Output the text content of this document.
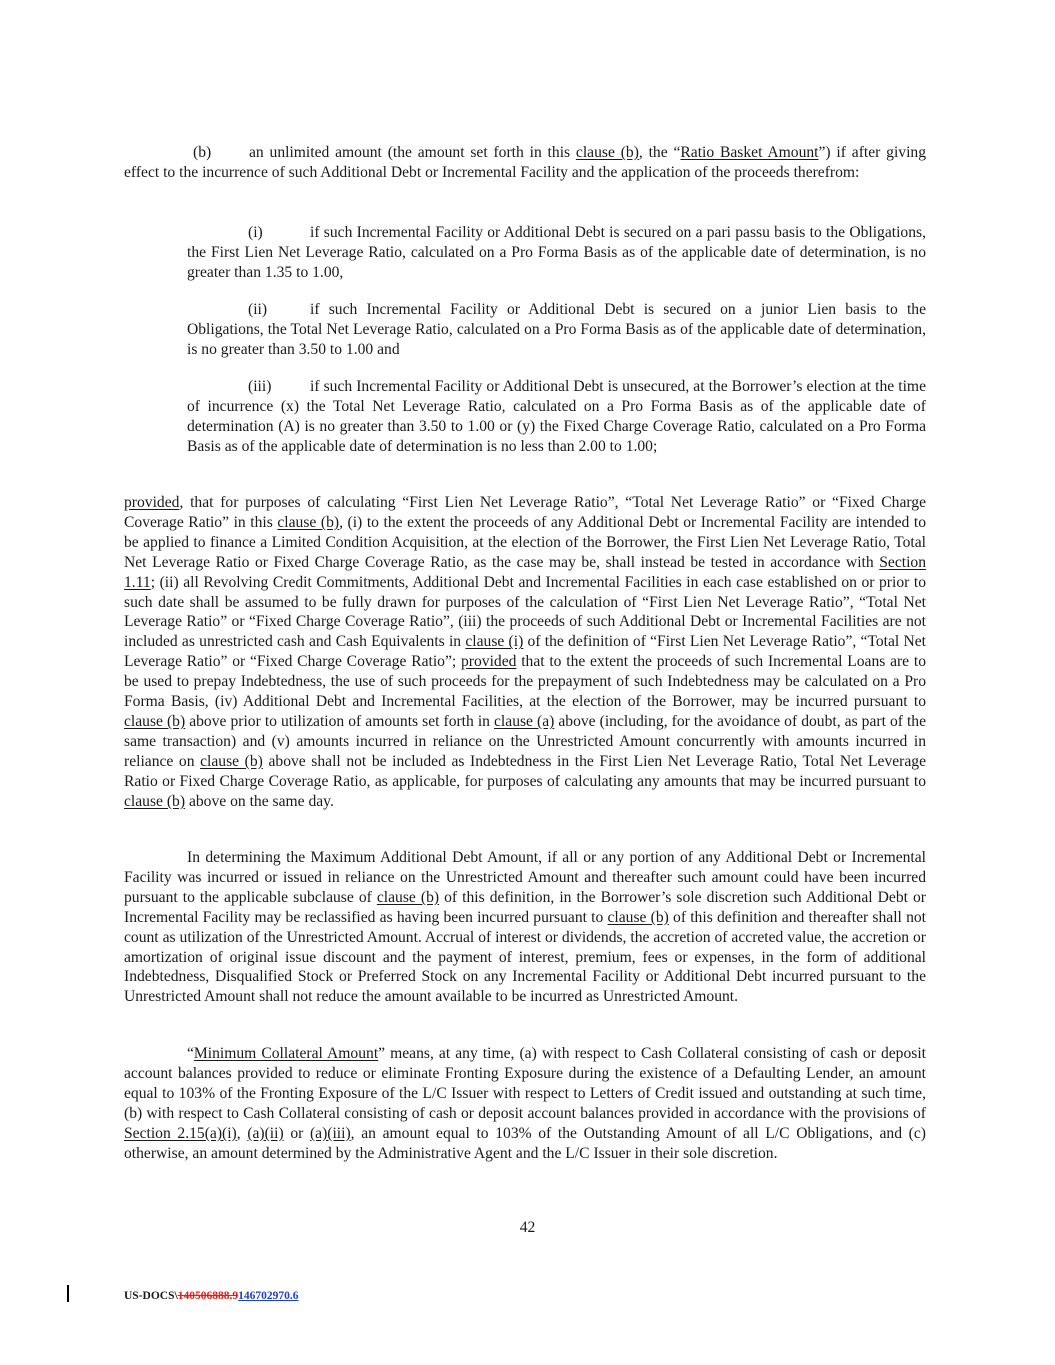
(b) an unlimited amount (the amount set forth in this clause (b), the “Ratio Basket Amount”) if after giving effect to the incurrence of such Additional Debt or Incremental Facility and the application of the proceeds therefrom:

(i)	if such Incremental Facility or Additional Debt is secured on a pari passu basis to the Obligations, the First Lien Net Leverage Ratio, calculated on a Pro Forma Basis as of the applicable date of determination, is no greater than 1.35 to 1.00,

(ii)	if such Incremental Facility or Additional Debt is secured on a junior Lien basis to the Obligations, the Total Net Leverage Ratio, calculated on a Pro Forma Basis as of the applicable date of determination, is no greater than 3.50 to 1.00 and

(iii) if such Incremental Facility or Additional Debt is unsecured, at the Borrower’s election at the time of incurrence (x) the Total Net Leverage Ratio, calculated on a Pro Forma Basis as of the applicable date of determination (A) is no greater than 3.50 to 1.00 or (y) the Fixed Charge Coverage Ratio, calculated on a Pro Forma Basis as of the applicable date of determination is no less than 2.00 to 1.00;

provided, that for purposes of calculating “First Lien Net Leverage Ratio”, “Total Net Leverage Ratio” or “Fixed Charge Coverage Ratio” in this clause (b), (i) to the extent the proceeds of any Additional Debt or Incremental Facility are intended to be applied to finance a Limited Condition Acquisition, at the election of the Borrower, the First Lien Net Leverage Ratio, Total Net Leverage Ratio or Fixed Charge Coverage Ratio, as the case may be, shall instead be tested in accordance with Section 1.11; (ii) all Revolving Credit Commitments, Additional Debt and Incremental Facilities in each case established on or prior to such date shall be assumed to be fully drawn for purposes of the calculation of “First Lien Net Leverage Ratio”, “Total Net Leverage Ratio” or “Fixed Charge Coverage Ratio”, (iii) the proceeds of such Additional Debt or Incremental Facilities are not included as unrestricted cash and Cash Equivalents in clause (i) of the definition of “First Lien Net Leverage Ratio”, “Total Net Leverage Ratio” or “Fixed Charge Coverage Ratio”; provided that to the extent the proceeds of such Incremental Loans are to be used to prepay Indebtedness, the use of such proceeds for the prepayment of such Indebtedness may be calculated on a Pro Forma Basis, (iv) Additional Debt and Incremental Facilities, at the election of the Borrower, may be incurred pursuant to clause (b) above prior to utilization of amounts set forth in clause (a) above (including, for the avoidance of doubt, as part of the same transaction) and (v) amounts incurred in reliance on the Unrestricted Amount concurrently with amounts incurred in reliance on clause (b) above shall not be included as Indebtedness in the First Lien Net Leverage Ratio, Total Net Leverage Ratio or Fixed Charge Coverage Ratio, as applicable, for purposes of calculating any amounts that may be incurred pursuant to clause (b) above on the same day.

In determining the Maximum Additional Debt Amount, if all or any portion of any Additional Debt or Incremental Facility was incurred or issued in reliance on the Unrestricted Amount and thereafter such amount could have been incurred pursuant to the applicable subclause of clause (b) of this definition, in the Borrower’s sole discretion such Additional Debt or Incremental Facility may be reclassified as having been incurred pursuant to clause (b) of this definition and thereafter shall not count as utilization of the Unrestricted Amount. Accrual of interest or dividends, the accretion of accreted value, the accretion or amortization of original issue discount and the payment of interest, premium, fees or expenses, in the form of additional Indebtedness, Disqualified Stock or Preferred Stock on any Incremental Facility or Additional Debt incurred pursuant to the Unrestricted Amount shall not reduce the amount available to be incurred as Unrestricted Amount.

“Minimum Collateral Amount” means, at any time, (a) with respect to Cash Collateral consisting of cash or deposit account balances provided to reduce or eliminate Fronting Exposure during the existence of a Defaulting Lender, an amount equal to 103% of the Fronting Exposure of the L/C Issuer with respect to Letters of Credit issued and outstanding at such time, (b) with respect to Cash Collateral consisting of cash or deposit account balances provided in accordance with the provisions of Section 2.15(a)(i), (a)(ii) or (a)(iii), an amount equal to 103% of the Outstanding Amount of all L/C Obligations, and (c) otherwise, an amount determined by the Administrative Agent and the L/C Issuer in their sole discretion.

42
US-DOCS\140506888.9146702970.6
